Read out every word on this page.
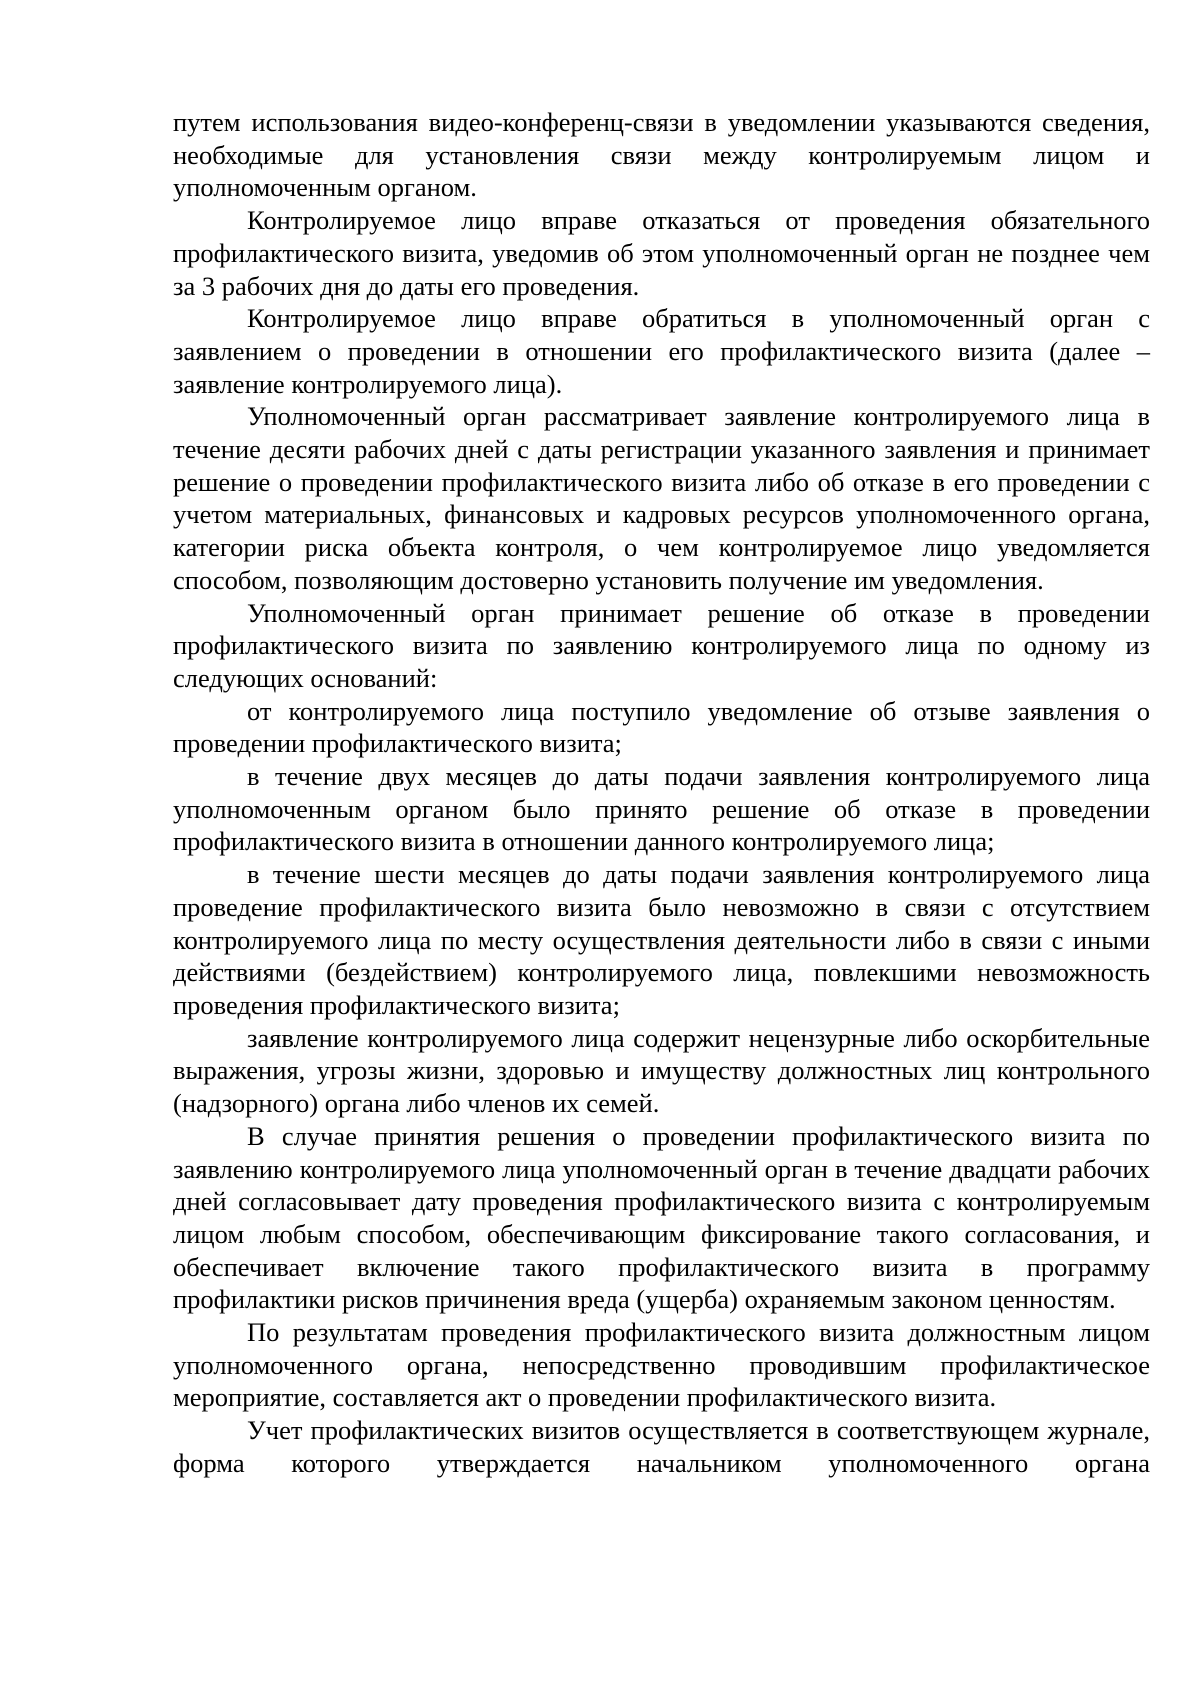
путем использования видео-конференц-связи в уведомлении указываются сведения, необходимые для установления связи между контролируемым лицом и уполномоченным органом.

Контролируемое лицо вправе отказаться от проведения обязательного профилактического визита, уведомив об этом уполномоченный орган не позднее чем за 3 рабочих дня до даты его проведения.

Контролируемое лицо вправе обратиться в уполномоченный орган с заявлением о проведении в отношении его профилактического визита (далее – заявление контролируемого лица).

Уполномоченный орган рассматривает заявление контролируемого лица в течение десяти рабочих дней с даты регистрации указанного заявления и принимает решение о проведении профилактического визита либо об отказе в его проведении с учетом материальных, финансовых и кадровых ресурсов уполномоченного органа, категории риска объекта контроля, о чем контролируемое лицо уведомляется способом, позволяющим достоверно установить получение им уведомления.

Уполномоченный орган принимает решение об отказе в проведении профилактического визита по заявлению контролируемого лица по одному из следующих оснований:

от контролируемого лица поступило уведомление об отзыве заявления о проведении профилактического визита;

в течение двух месяцев до даты подачи заявления контролируемого лица уполномоченным органом было принято решение об отказе в проведении профилактического визита в отношении данного контролируемого лица;

в течение шести месяцев до даты подачи заявления контролируемого лица проведение профилактического визита было невозможно в связи с отсутствием контролируемого лица по месту осуществления деятельности либо в связи с иными действиями (бездействием) контролируемого лица, повлекшими невозможность проведения профилактического визита;

заявление контролируемого лица содержит нецензурные либо оскорбительные выражения, угрозы жизни, здоровью и имуществу должностных лиц контрольного (надзорного) органа либо членов их семей.

В случае принятия решения о проведении профилактического визита по заявлению контролируемого лица уполномоченный орган в течение двадцати рабочих дней согласовывает дату проведения профилактического визита с контролируемым лицом любым способом, обеспечивающим фиксирование такого согласования, и обеспечивает включение такого профилактического визита в программу профилактики рисков причинения вреда (ущерба) охраняемым законом ценностям.

По результатам проведения профилактического визита должностным лицом уполномоченного органа, непосредственно проводившим профилактическое мероприятие, составляется акт о проведении профилактического визита.

Учет профилактических визитов осуществляется в соответствующем журнале, форма которого утверждается начальником уполномоченного органа
